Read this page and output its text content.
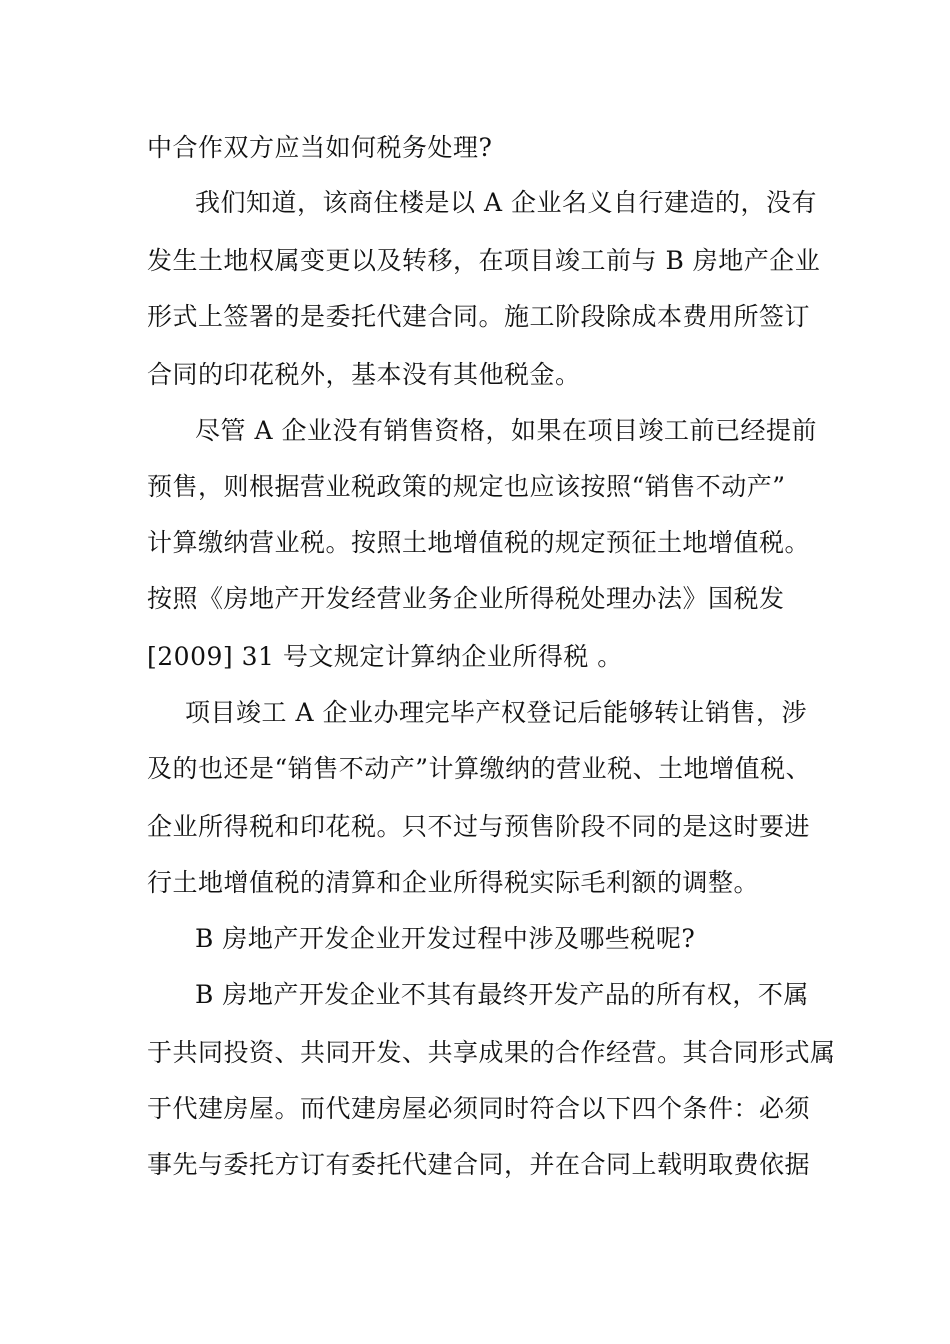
中合作双方应当如何税务处理?
我们知道，该商住楼是以 A 企业名义自行建造的，没有
发生土地权属变更以及转移，在项目竣工前与 B 房地产企业
形式上签署的是委托代建合同。施工阶段除成本费用所签订
合同的印花税外，基本没有其他税金。
尽管 A 企业没有销售资格，如果在项目竣工前已经提前
预售，则根据营业税政策的规定也应该按照“销售不动产”
计算缴纳营业税。按照土地增值税的规定预征土地增值税。
按照《房地产开发经营业务企业所得税处理办法》国税发
[2009] 31 号文规定计算纳企业所得税 。
项目竣工 A 企业办理完毕产权登记后能够转让销售，涉
及的也还是“销售不动产”计算缴纳的营业税、土地增值税、
企业所得税和印花税。只不过与预售阶段不同的是这时要进
行土地增值税的清算和企业所得税实际毛利额的调整。
B 房地产开发企业开发过程中涉及哪些税呢?
B 房地产开发企业不其有最终开发产品的所有权，不属
于共同投资、共同开发、共享成果的合作经营。其合同形式属
于代建房屋。而代建房屋必须同时符合以下四个条件：必须
事先与委托方订有委托代建合同，并在合同上载明取费依据
